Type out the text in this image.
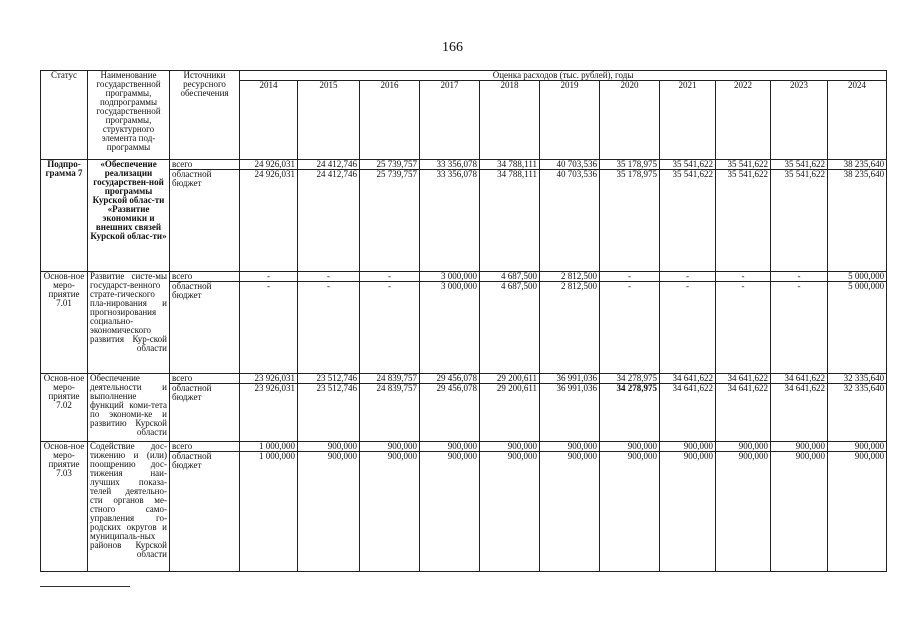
166
Статус	Наименование государственной программы, подпрограммы государственной программы, структурного элемента под-программы	Источники ресурсного обеспечения	Оценка расходов (тыс. рублей), годы										
			2014	2015	2016	2017	2018	2019	2020	2021	2022	2023	2024
Подпро-грамма 7	«Обеспечение реализации государствен-ной программы Курской облас-ти «Развитие экономики и внешних связей Курской облас-ти»	всего	24 926,031	24 412,746	25 739,757	33 356,078	34 788,111	40 703,536	35 178,975	35 541,622	35 541,622	35 541,622	38 235,640
		областной бюджет	24 926,031	24 412,746	25 739,757	33 356,078	34 788,111	40 703,536	35 178,975	35 541,622	35 541,622	35 541,622	38 235,640
Основ-ное меро-приятие 7.01	Развитие систе-мы государст-венного страте-гического пла-нирования и прогнозирования социально-экономического развития Кур-ской области	всего	-	-	-	3 000,000	4 687,500	2 812,500	-	-	-	-	5 000,000
		областной бюджет	-	-	-	3 000,000	4 687,500	2 812,500	-	-	-	-	5 000,000
Основ-ное меро-приятие 7.02	Обеспечение деятельности и выполнение функций коми-тета по экономи-ке и развитию Курской области	всего	23 926,031	23 512,746	24 839,757	29 456,078	29 200,611	36 991,036	34 278,975	34 641,622	34 641,622	34 641,622	32 335,640
		областной бюджет	23 926,031	23 512,746	24 839,757	29 456,078	29 200,611	36 991,036	34 278,975	34 641,622	34 641,622	34 641,622	32 335,640
Основ-ное меро-приятие 7.03	Содействие дос-тижению и (или) поощрению дос-тижения наи-лучших показа-телей деятельно-сти органов ме-стного само-управления го-родских округов и муниципаль-ных районов Курской области	всего	1 000,000	900,000	900,000	900,000	900,000	900,000	900,000	900,000	900,000	900,000	900,000
		областной бюджет	1 000,000	900,000	900,000	900,000	900,000	900,000	900,000	900,000	900,000	900,000	900,000
